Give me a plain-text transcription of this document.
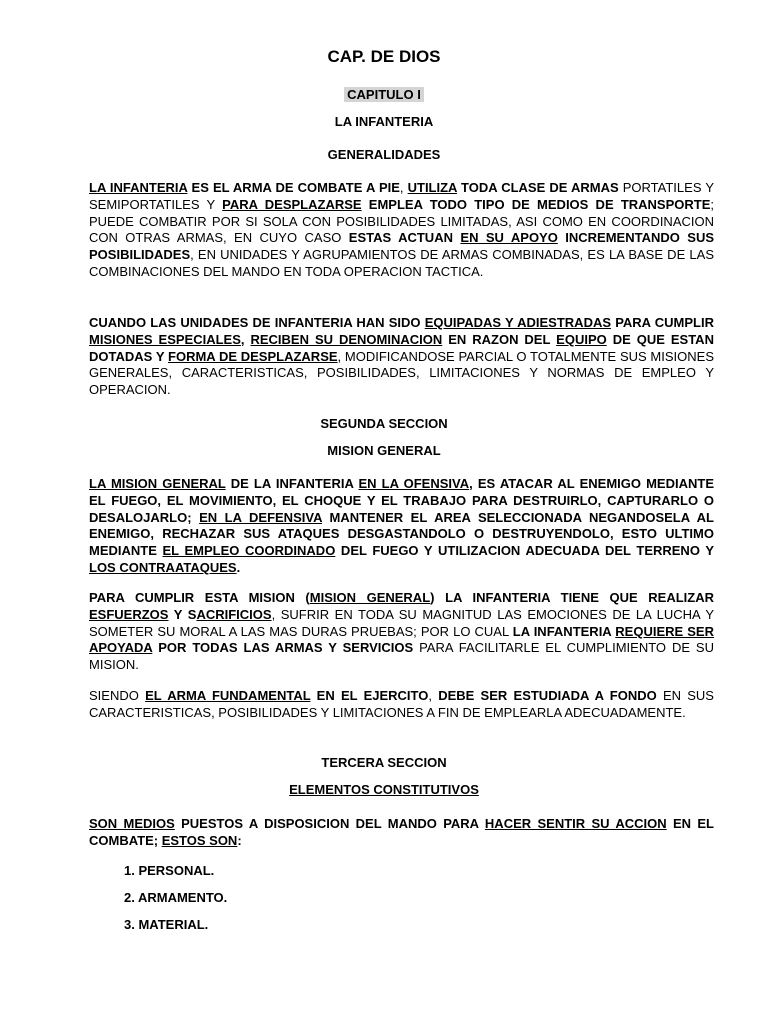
CAP. DE DIOS
CAPITULO I
LA INFANTERIA
GENERALIDADES
LA INFANTERIA ES EL ARMA DE COMBATE A PIE, UTILIZA TODA CLASE DE ARMAS PORTATILES Y SEMIPORTATILES Y PARA DESPLAZARSE EMPLEA TODO TIPO DE MEDIOS DE TRANSPORTE; PUEDE COMBATIR POR SI SOLA CON POSIBILIDADES LIMITADAS, ASI COMO EN COORDINACION CON OTRAS ARMAS, EN CUYO CASO ESTAS ACTUAN EN SU APOYO INCREMENTANDO SUS POSIBILIDADES, EN UNIDADES Y AGRUPAMIENTOS DE ARMAS COMBINADAS, ES LA BASE DE LAS COMBINACIONES DEL MANDO EN TODA OPERACION TACTICA.
CUANDO LAS UNIDADES DE INFANTERIA HAN SIDO EQUIPADAS Y ADIESTRADAS PARA CUMPLIR MISIONES ESPECIALES, RECIBEN SU DENOMINACION EN RAZON DEL EQUIPO DE QUE ESTAN DOTADAS Y FORMA DE DESPLAZARSE, MODIFICANDOSE PARCIAL O TOTALMENTE SUS MISIONES GENERALES, CARACTERISTICAS, POSIBILIDADES, LIMITACIONES Y NORMAS DE EMPLEO Y OPERACION.
SEGUNDA SECCION
MISION GENERAL
LA MISION GENERAL DE LA INFANTERIA EN LA OFENSIVA, ES ATACAR AL ENEMIGO MEDIANTE EL FUEGO, EL MOVIMIENTO, EL CHOQUE Y EL TRABAJO PARA DESTRUIRLO, CAPTURARLO O DESALOJARLO; EN LA DEFENSIVA MANTENER EL AREA SELECCIONADA NEGANDOSELA AL ENEMIGO, RECHAZAR SUS ATAQUES DESGASTANDOLO O DESTRUYENDOLO, ESTO ULTIMO MEDIANTE EL EMPLEO COORDINADO DEL FUEGO Y UTILIZACION ADECUADA DEL TERRENO Y LOS CONTRAATAQUES.
PARA CUMPLIR ESTA MISION (MISION GENERAL) LA INFANTERIA TIENE QUE REALIZAR ESFUERZOS Y SACRIFICIOS, SUFRIR EN TODA SU MAGNITUD LAS EMOCIONES DE LA LUCHA Y SOMETER SU MORAL A LAS MAS DURAS PRUEBAS; POR LO CUAL LA INFANTERIA REQUIERE SER APOYADA POR TODAS LAS ARMAS Y SERVICIOS PARA FACILITARLE EL CUMPLIMIENTO DE SU MISION.
SIENDO EL ARMA FUNDAMENTAL EN EL EJERCITO, DEBE SER ESTUDIADA A FONDO EN SUS CARACTERISTICAS, POSIBILIDADES Y LIMITACIONES A FIN DE EMPLEARLA ADECUADAMENTE.
TERCERA SECCION
ELEMENTOS CONSTITUTIVOS
SON MEDIOS PUESTOS A DISPOSICION DEL MANDO PARA HACER SENTIR SU ACCION EN EL COMBATE; ESTOS SON:
1. PERSONAL.
2. ARMAMENTO.
3. MATERIAL.
